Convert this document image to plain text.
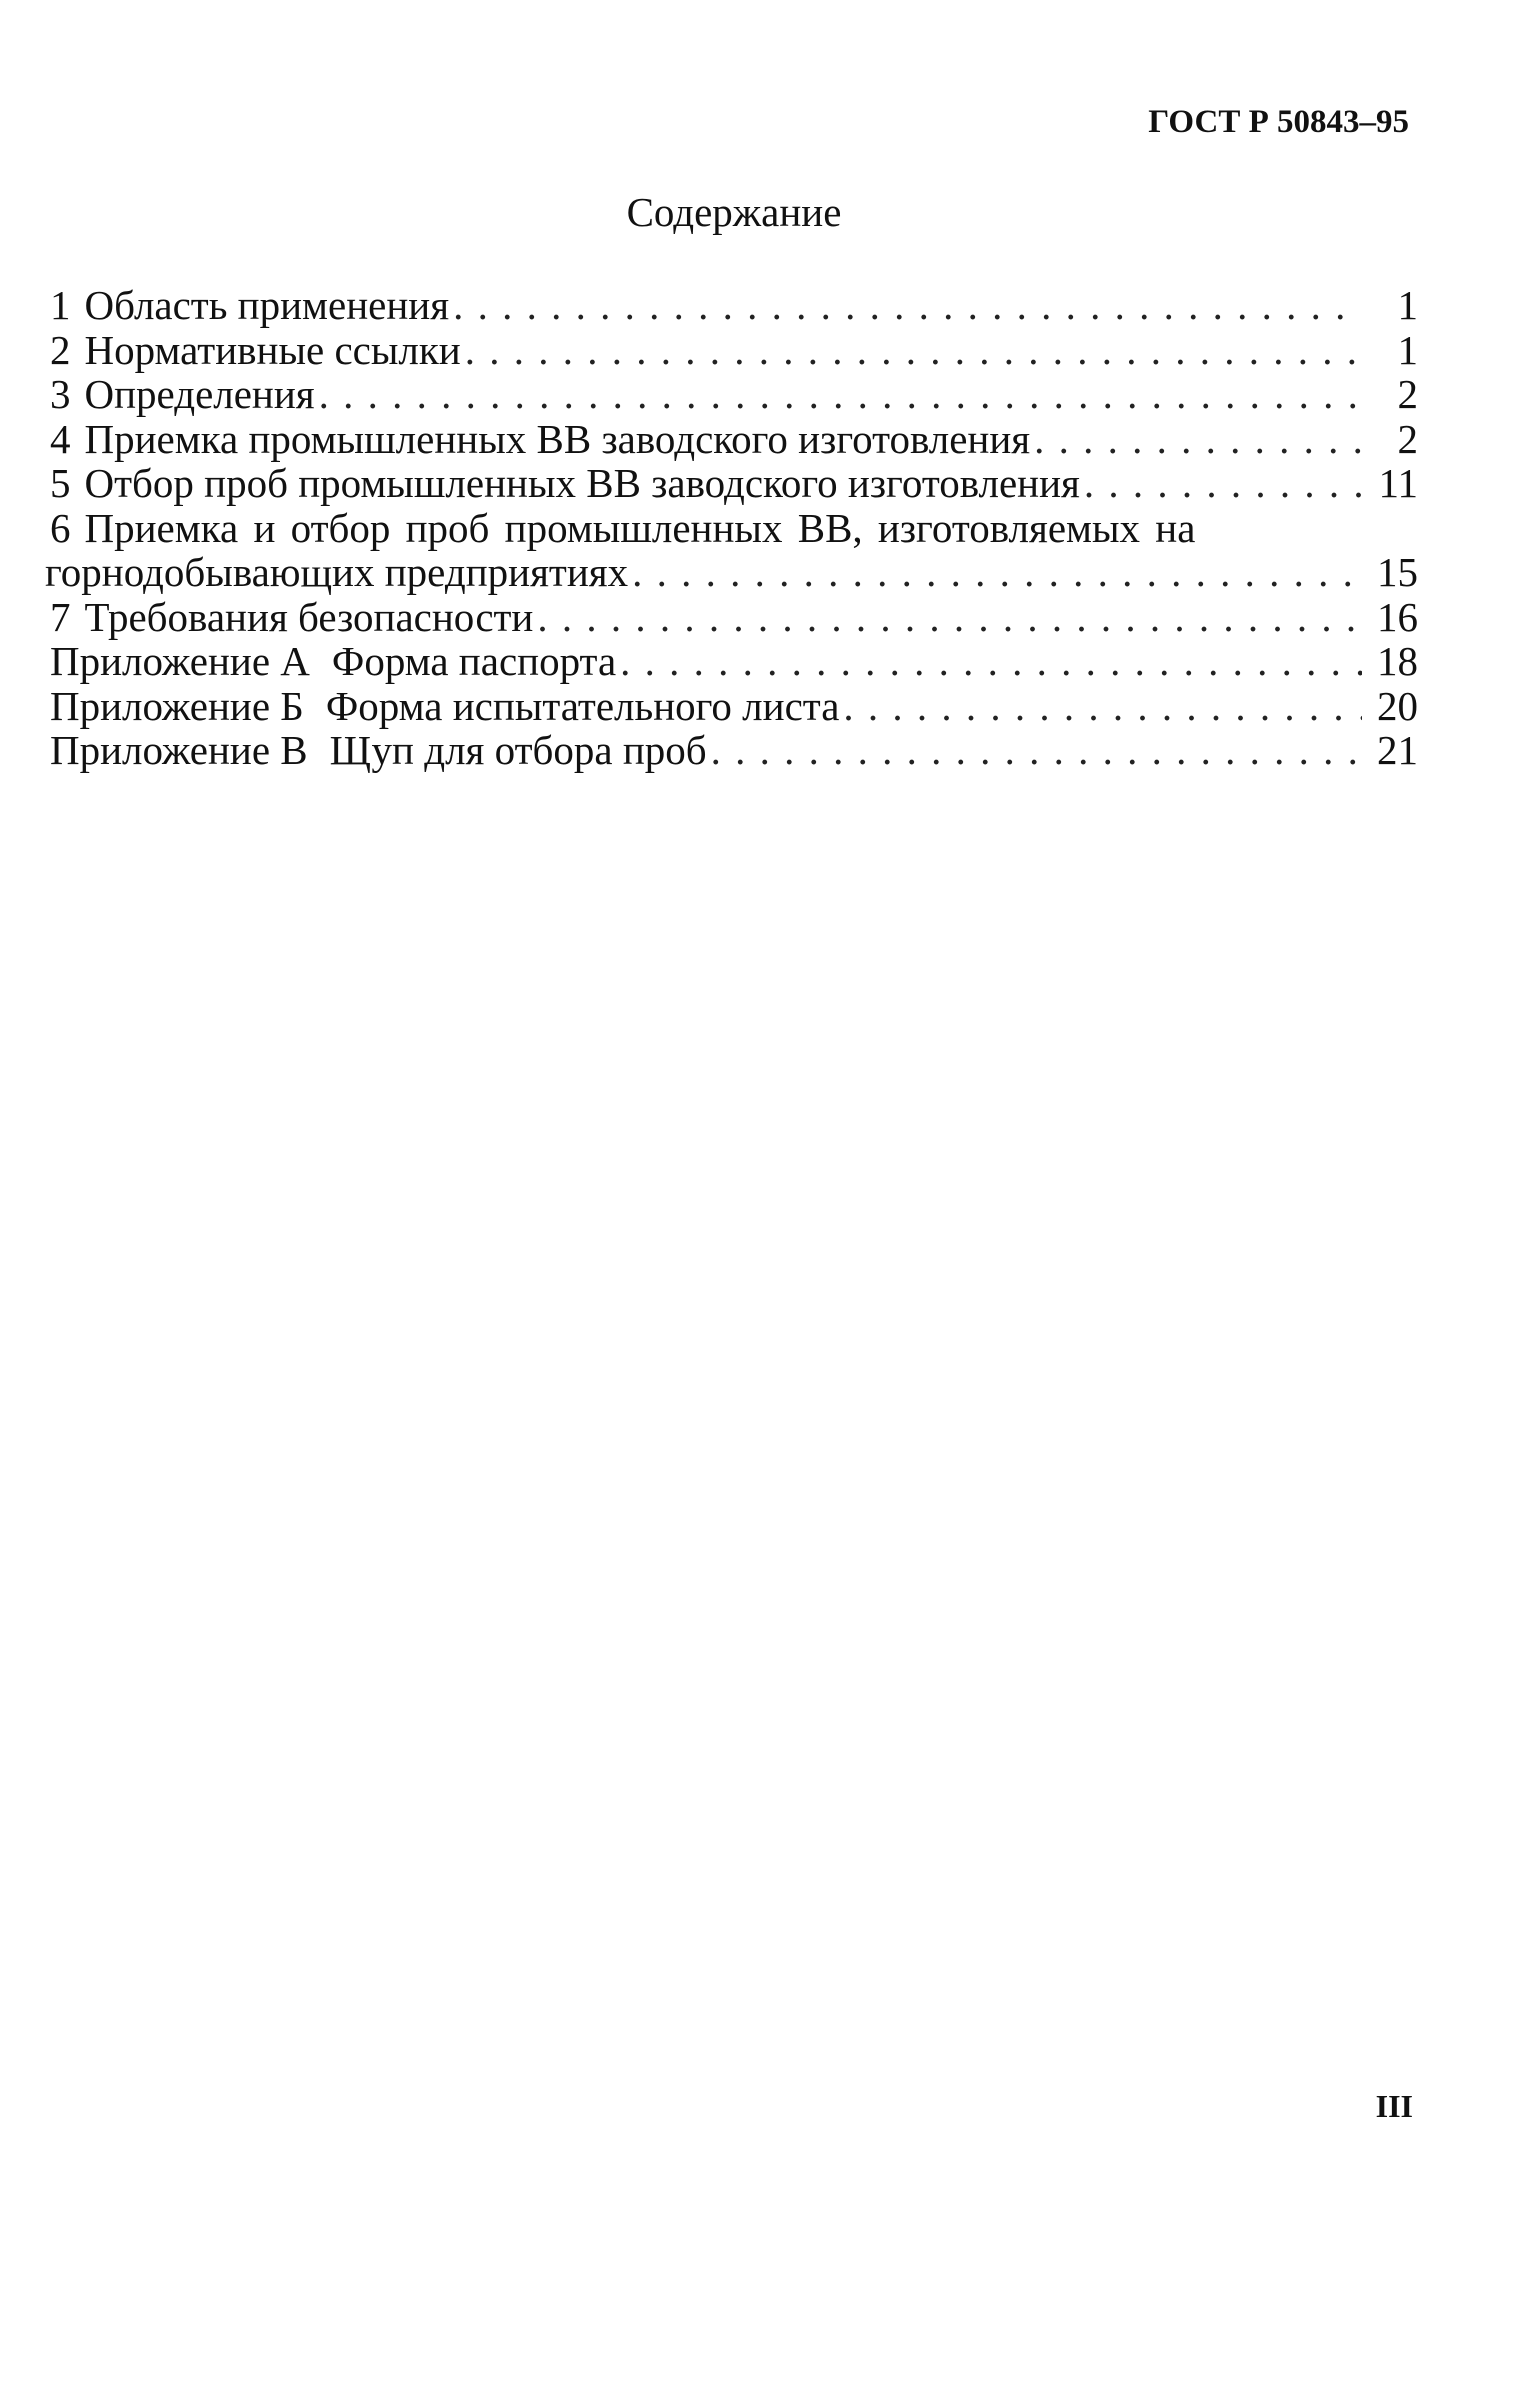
ГОСТ Р 50843–95
Содержание
1 Область применения . . .	1
2 Нормативные ссылки . . .	1
3 Определения . . .	2
4 Приемка промышленных ВВ заводского изготовления . . .	2
5 Отбор проб промышленных ВВ заводского изготовления . . .	11
6 Приемка и отбор проб промышленных ВВ, изготовляемых на
горнодобывающих предприятиях . . .	15
7 Требования безопасности . . .	16
Приложение А Форма паспорта . . .	18
Приложение Б Форма испытательного листа . . .	20
Приложение В Щуп для отбора проб . . .	21
III
